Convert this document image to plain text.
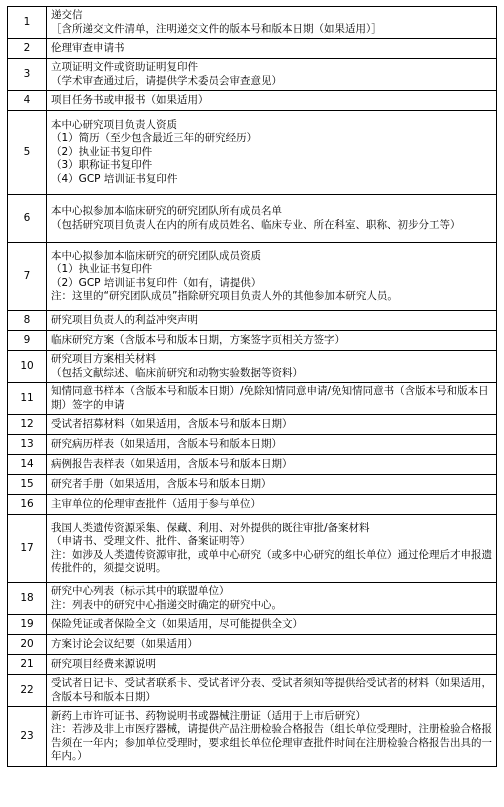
1	递交信
［含所递交文件清单，注明递交文件的版本号和版本日期（如果适用）］

2	伦理审查申请书

3	立项证明文件或资助证明复印件
（学术审查通过后，请提供学术委员会审查意见）

4	项目任务书或申报书（如果适用）

5	本中心研究项目负责人资质
（1）简历（至少包含最近三年的研究经历）
（2）执业证书复印件
（3）职称证书复印件
（4）GCP 培训证书复印件

6	本中心拟参加本临床研究的研究团队所有成员名单
（包括研究项目负责人在内的所有成员姓名、临床专业、所在科室、职称、初步分工等）

7	本中心拟参加本临床研究的研究团队成员资质
（1）执业证书复印件
（2）GCP 培训证书复印件（如有，请提供）
注：这里的“研究团队成员”指除研究项目负责人外的其他参加本研究人员。

8	研究项目负责人的利益冲突声明

9	临床研究方案（含版本号和版本日期，方案签字页相关方签字）

10	研究项目方案相关材料
（包括文献综述、临床前研究和动物实验数据等资料）

11	知情同意书样本（含版本号和版本日期）/免除知情同意申请/免知情同意书（含版本号和版本日期）签字的申请

12	受试者招募材料（如果适用，含版本号和版本日期）

13	研究病历样表（如果适用，含版本号和版本日期）

14	病例报告表样表（如果适用，含版本号和版本日期）

15	研究者手册（如果适用，含版本号和版本日期）

16	主审单位的伦理审查批件（适用于参与单位）

17	我国人类遗传资源采集、保藏、利用、对外提供的既往审批/备案材料
（申请书、受理文件、批件、备案证明等）
注：如涉及人类遗传资源审批，或单中心研究（或多中心研究的组长单位）通过伦理后才申报遗传批件的，须提交说明。

18	研究中心列表（标示其中的联盟单位）
注：列表中的研究中心指递交时确定的研究中心。

19	保险凭证或者保险全文（如果适用，尽可能提供全文）

20	方案讨论会议纪要（如果适用）

21	研究项目经费来源说明

22	受试者日记卡、受试者联系卡、受试者评分表、受试者须知等提供给受试者的材料（如果适用，含版本号和版本日期）

23	新药上市许可证书、药物说明书或器械注册证（适用于上市后研究）
注：若涉及非上市医疗器械，请提供产品注册检验合格报告（组长单位受理时，注册检验合格报告须在一年内；参加单位受理时，要求组长单位伦理审查批件时间在注册检验合格报告出具的一年内。）
